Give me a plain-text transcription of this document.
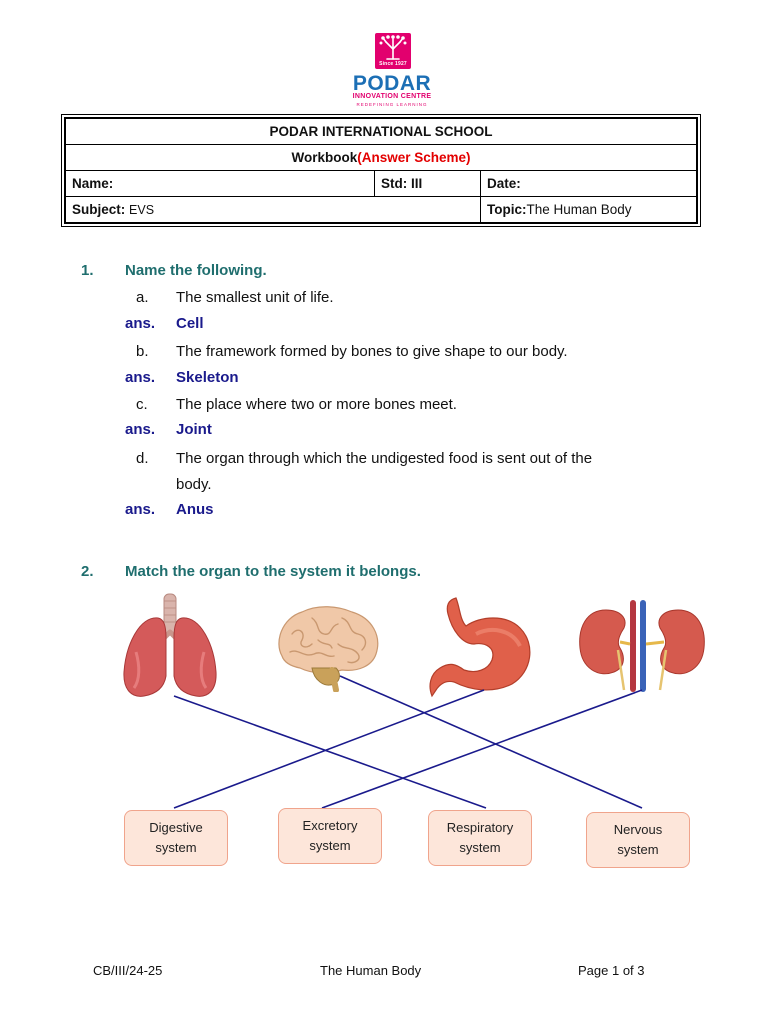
Since 1927
PODAR
INNOVATION CENTRE
REDEFINING LEARNING
PODAR INTERNATIONAL SCHOOL		
Workbook(Answer Scheme)		
Name:	Std: III	Date:
Subject: EVS		Topic:The Human Body
1. Name the following.
a. The smallest unit of life.
ans. Cell
b. The framework formed by bones to give shape to our body.
ans. Skeleton
c. The place where two or more bones meet.
ans. Joint
d. The organ through which the undigested food is sent out of the
body.
ans. Anus
2. Match the organ to the system it belongs.
Digestive
system
Excretory
system
Respiratory
system
Nervous
system
CB/III/24-25	The Human Body	Page 1 of 3
